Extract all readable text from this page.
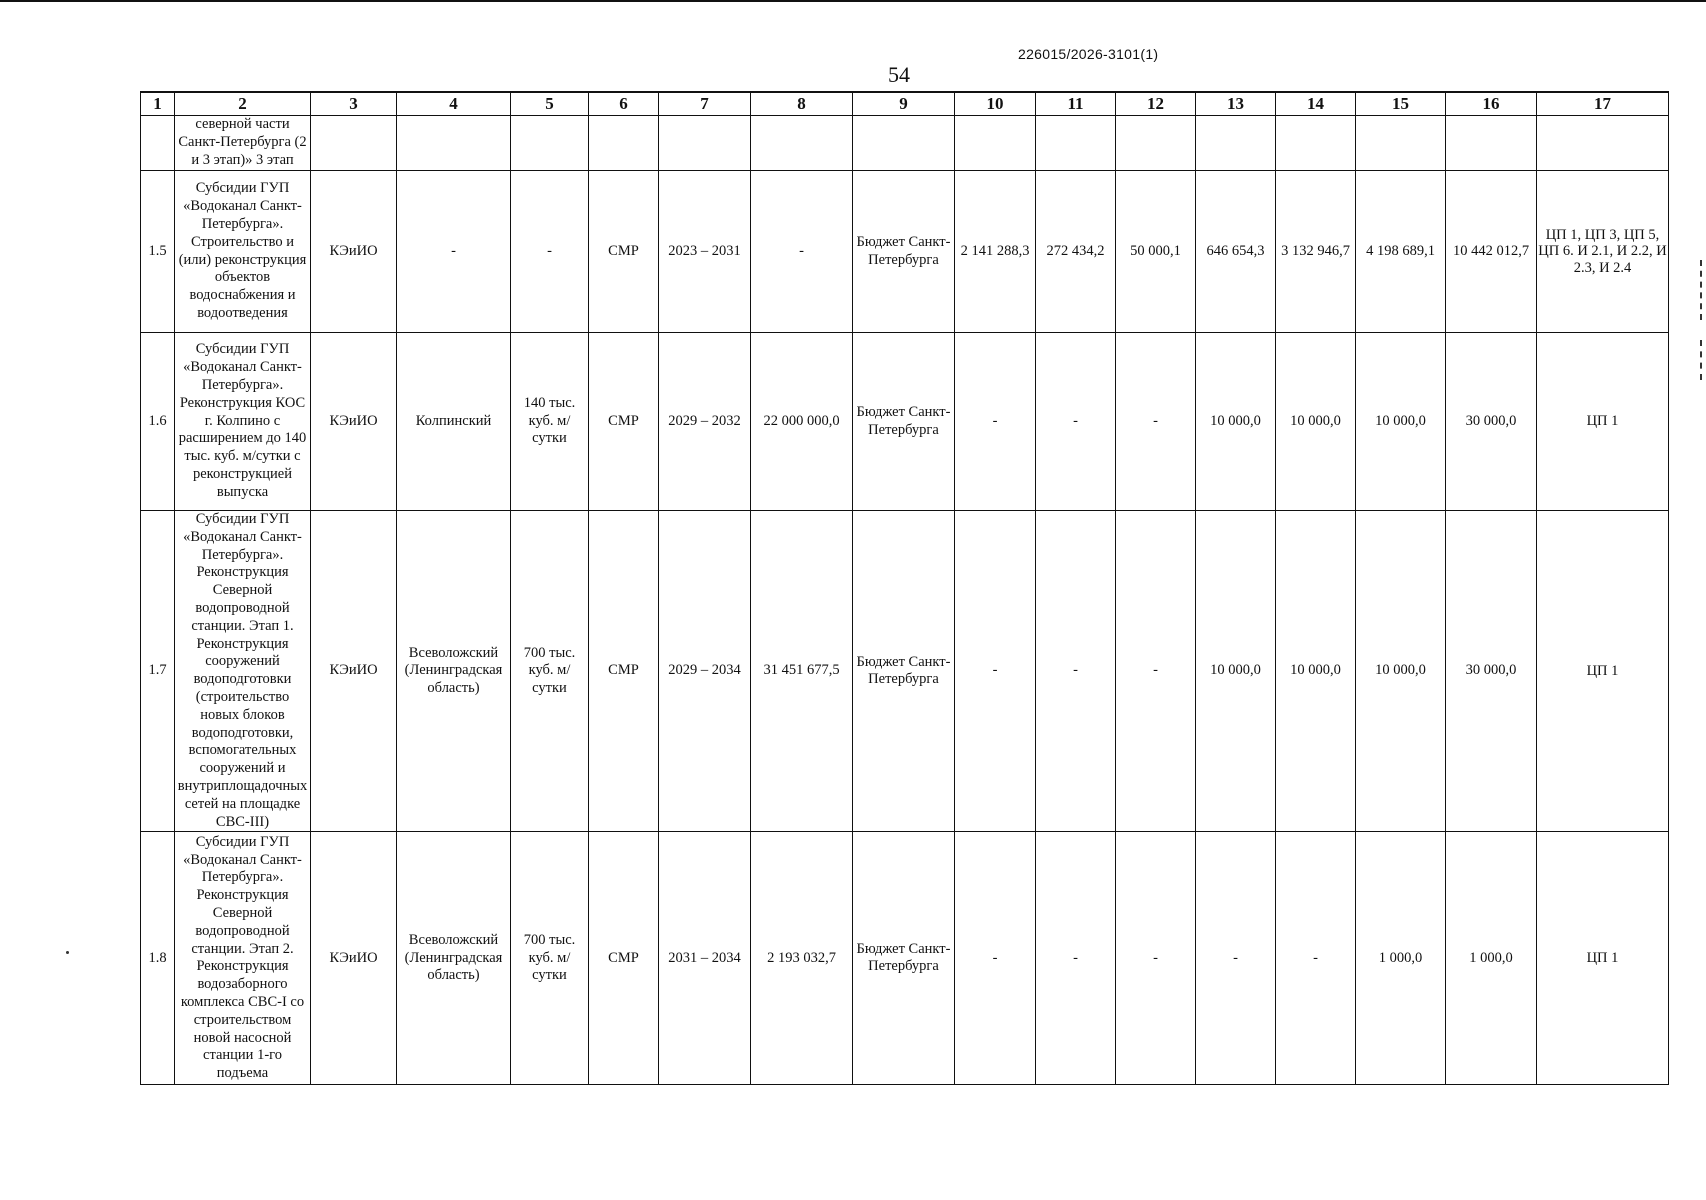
226015/2026-3101(1)
54
1	2	3	4	5	6	7	8	9	10	11	12	13	14	15	16	17
	северной части Санкт-Петербурга (2 и 3 этап)» 3 этап															
1.5	Субсидии ГУП «Водоканал Санкт-Петербурга». Строительство и (или) реконструкция объектов водоснабжения и водоотведения	КЭиИО	-	-	СМР	2023 – 2031	-	Бюджет Санкт-Петербурга	2 141 288,3	272 434,2	50 000,1	646 654,3	3 132 946,7	4 198 689,1	10 442 012,7	ЦП 1, ЦП 3, ЦП 5, ЦП 6. И 2.1, И 2.2, И 2.3, И 2.4
1.6	Субсидии ГУП «Водоканал Санкт-Петербурга». Реконструкция КОС г. Колпино с расширением до 140 тыс. куб. м/сутки с реконструкцией выпуска	КЭиИО	Колпинский	140 тыс. куб. м/сутки	СМР	2029 – 2032	22 000 000,0	Бюджет Санкт-Петербурга	-	-	-	10 000,0	10 000,0	10 000,0	30 000,0	ЦП 1
1.7	Субсидии ГУП «Водоканал Санкт-Петербурга». Реконструкция Северной водопроводной станции. Этап 1. Реконструкция сооружений водоподготовки (строительство новых блоков водоподготовки, вспомогательных сооружений и внутриплощадочных сетей на площадке СВС-III)	КЭиИО	Всеволожский (Ленинградская область)	700 тыс. куб. м/сутки	СМР	2029 – 2034	31 451 677,5	Бюджет Санкт-Петербурга	-	-	-	10 000,0	10 000,0	10 000,0	30 000,0	ЦП 1
1.8	Субсидии ГУП «Водоканал Санкт-Петербурга». Реконструкция Северной водопроводной станции. Этап 2. Реконструкция водозаборного комплекса СВС-I со строительством новой насосной станции 1-го подъема	КЭиИО	Всеволожский (Ленинградская область)	700 тыс. куб. м/сутки	СМР	2031 – 2034	2 193 032,7	Бюджет Санкт-Петербурга	-	-	-	-	-	1 000,0	1 000,0	ЦП 1
